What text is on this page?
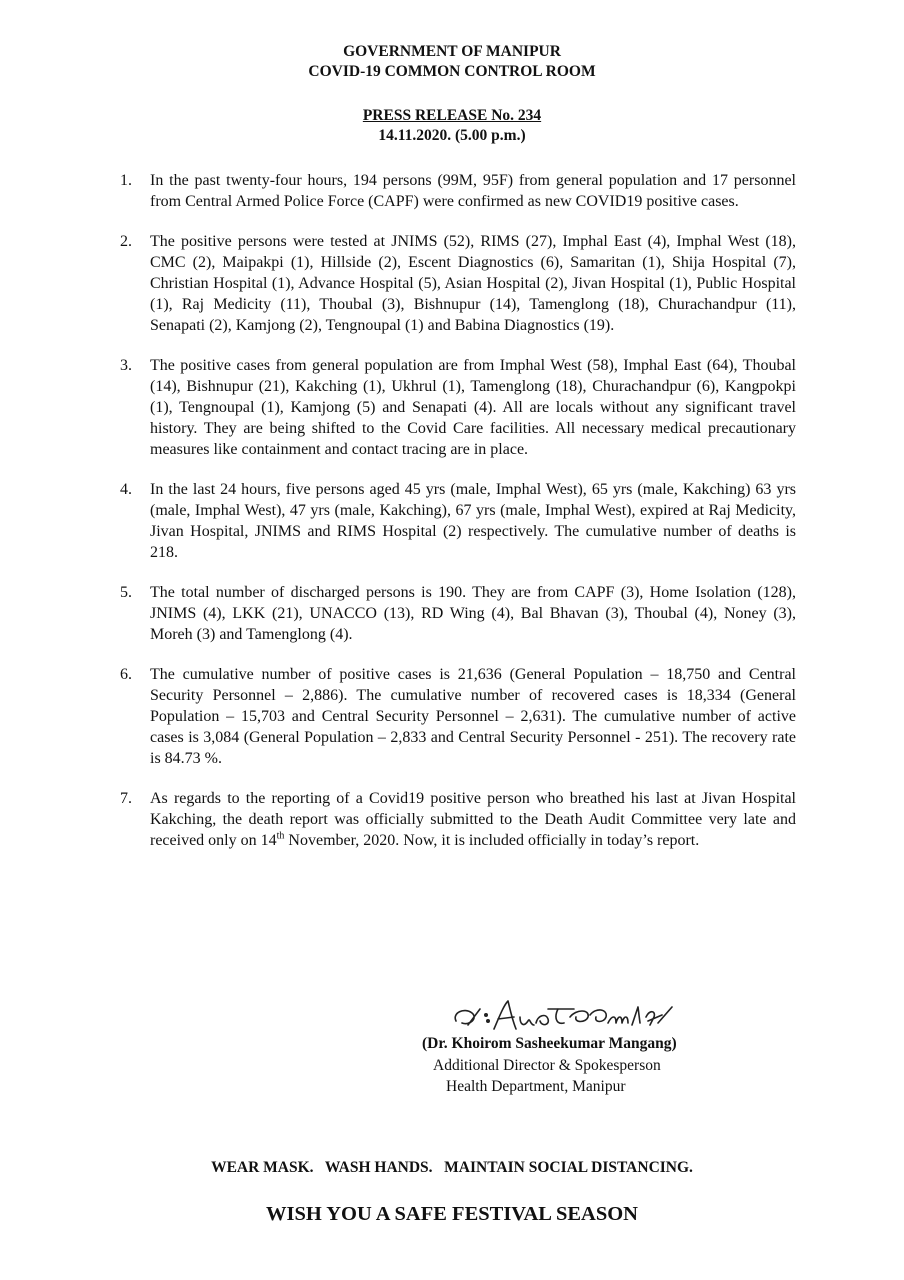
GOVERNMENT OF MANIPUR
COVID-19 COMMON CONTROL ROOM
PRESS RELEASE No. 234
14.11.2020. (5.00 p.m.)
1.	In the past twenty-four hours, 194 persons (99M, 95F) from general population and 17 personnel from Central Armed Police Force (CAPF) were confirmed as new COVID19 positive cases.
2.	The positive persons were tested at JNIMS (52), RIMS (27), Imphal East (4), Imphal West (18), CMC (2), Maipakpi (1), Hillside (2), Escent Diagnostics (6), Samaritan (1), Shija Hospital (7), Christian Hospital (1), Advance Hospital (5), Asian Hospital (2), Jivan Hospital (1), Public Hospital (1), Raj Medicity (11), Thoubal (3), Bishnupur (14), Tamenglong (18), Churachandpur (11), Senapati (2), Kamjong (2), Tengnoupal (1) and Babina Diagnostics (19).
3.	The positive cases from general population are from Imphal West (58), Imphal East (64), Thoubal (14), Bishnupur (21), Kakching (1), Ukhrul (1), Tamenglong (18), Churachandpur (6), Kangpokpi (1), Tengnoupal (1), Kamjong (5) and Senapati (4). All are locals without any significant travel history. They are being shifted to the Covid Care facilities. All necessary medical precautionary measures like containment and contact tracing are in place.
4.	In the last 24 hours, five persons aged 45 yrs (male, Imphal West), 65 yrs (male, Kakching) 63 yrs (male, Imphal West), 47 yrs (male, Kakching), 67 yrs (male, Imphal West), expired at Raj Medicity, Jivan Hospital, JNIMS and RIMS Hospital (2) respectively. The cumulative number of deaths is 218.
5.	The total number of discharged persons is 190. They are from CAPF (3), Home Isolation (128), JNIMS (4), LKK (21), UNACCO (13), RD Wing (4), Bal Bhavan (3), Thoubal (4), Noney (3), Moreh (3) and Tamenglong (4).
6.	The cumulative number of positive cases is 21,636 (General Population – 18,750 and Central Security Personnel – 2,886). The cumulative number of recovered cases is 18,334 (General Population – 15,703 and Central Security Personnel – 2,631). The cumulative number of active cases is 3,084 (General Population – 2,833 and Central Security Personnel - 251). The recovery rate is 84.73 %.
7.	As regards to the reporting of a Covid19 positive person who breathed his last at Jivan Hospital Kakching, the death report was officially submitted to the Death Audit Committee very late and received only on 14th November, 2020. Now, it is included officially in today’s report.
(Dr. Khoirom Sasheekumar Mangang)
Additional Director & Spokesperson
Health Department, Manipur
WEAR MASK.   WASH HANDS.   MAINTAIN SOCIAL DISTANCING.
WISH YOU A SAFE FESTIVAL SEASON
